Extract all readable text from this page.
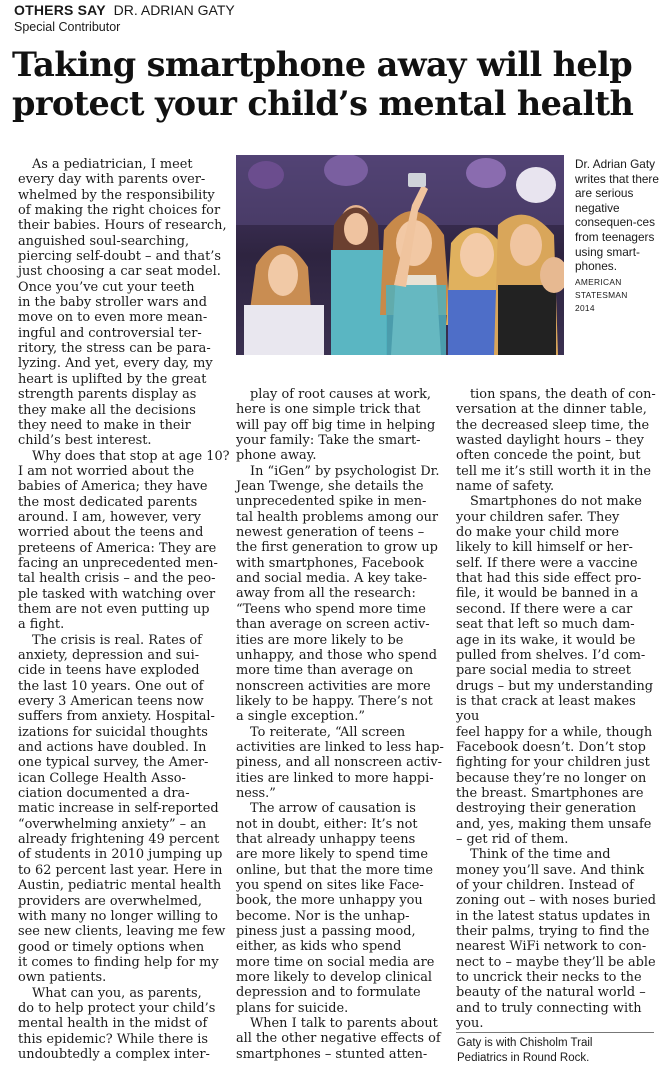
OTHERS SAY DR. ADRIAN GATY
Special Contributor
Taking smartphone away will help
protect your child’s mental health
Dr. Adrian Gaty writes that there are serious negative consequen-ces from teenagers using smart-phones.
AMERICAN
STATESMAN
2014

As a pediatrician, I meet
every day with parents over-
whelmed by the responsibility
of making the right choices for
their babies. Hours of research,
anguished soul-searching,
piercing self-doubt – and that’s
just choosing a car seat model.
Once you’ve cut your teeth
in the baby stroller wars and
move on to even more mean-
ingful and controversial ter-
ritory, the stress can be para-
lyzing. And yet, every day, my
heart is uplifted by the great
strength parents display as
they make all the decisions
they need to make in their
child’s best interest.

Why does that stop at age 10?
I am not worried about the
babies of America; they have
the most dedicated parents
around. I am, however, very
worried about the teens and
preteens of America: They are
facing an unprecedented men-
tal health crisis – and the peo-
ple tasked with watching over
them are not even putting up
a fight.

The crisis is real. Rates of
anxiety, depression and sui-
cide in teens have exploded
the last 10 years. One out of
every 3 American teens now
suffers from anxiety. Hospital-
izations for suicidal thoughts
and actions have doubled. In
one typical survey, the Amer-
ican College Health Asso-
ciation documented a dra-
matic increase in self-reported
“overwhelming anxiety” – an
already frightening 49 percent
of students in 2010 jumping up
to 62 percent last year. Here in
Austin, pediatric mental health
providers are overwhelmed,
with many no longer willing to
see new clients, leaving me few
good or timely options when
it comes to finding help for my
own patients.

What can you, as parents,
do to help protect your child’s
mental health in the midst of
this epidemic? While there is
undoubtedly a complex inter-

play of root causes at work,
here is one simple trick that
will pay off big time in helping
your family: Take the smart-
phone away.

In “iGen” by psychologist Dr.
Jean Twenge, she details the
unprecedented spike in men-
tal health problems among our
newest generation of teens –
the first generation to grow up
with smartphones, Facebook
and social media. A key take-
away from all the research:
“Teens who spend more time
than average on screen activ-
ities are more likely to be
unhappy, and those who spend
more time than average on
nonscreen activities are more
likely to be happy. There’s not
a single exception.”

To reiterate, “All screen
activities are linked to less hap-
piness, and all nonscreen activ-
ities are linked to more happi-
ness.”

The arrow of causation is
not in doubt, either: It’s not
that already unhappy teens
are more likely to spend time
online, but that the more time
you spend on sites like Face-
book, the more unhappy you
become. Nor is the unhap-
piness just a passing mood,
either, as kids who spend
more time on social media are
more likely to develop clinical
depression and to formulate
plans for suicide.

When I talk to parents about
all the other negative effects of
smartphones – stunted atten-

tion spans, the death of con-
versation at the dinner table,
the decreased sleep time, the
wasted daylight hours – they
often concede the point, but
tell me it’s still worth it in the
name of safety.

Smartphones do not make
your children safer. They
do make your child more
likely to kill himself or her-
self. If there were a vaccine
that had this side effect pro-
file, it would be banned in a
second. If there were a car
seat that left so much dam-
age in its wake, it would be
pulled from shelves. I’d com-
pare social media to street
drugs – but my understanding
is that crack at least makes you
feel happy for a while, though
Facebook doesn’t. Don’t stop
fighting for your children just
because they’re no longer on
the breast. Smartphones are
destroying their generation
and, yes, making them unsafe
– get rid of them.

Think of the time and
money you’ll save. And think
of your children. Instead of
zoning out – with noses buried
in the latest status updates in
their palms, trying to find the
nearest WiFi network to con-
nect to – maybe they’ll be able
to uncrick their necks to the
beauty of the natural world –
and to truly connecting with
you.

Gaty is with Chisholm Trail
Pediatrics in Round Rock.
